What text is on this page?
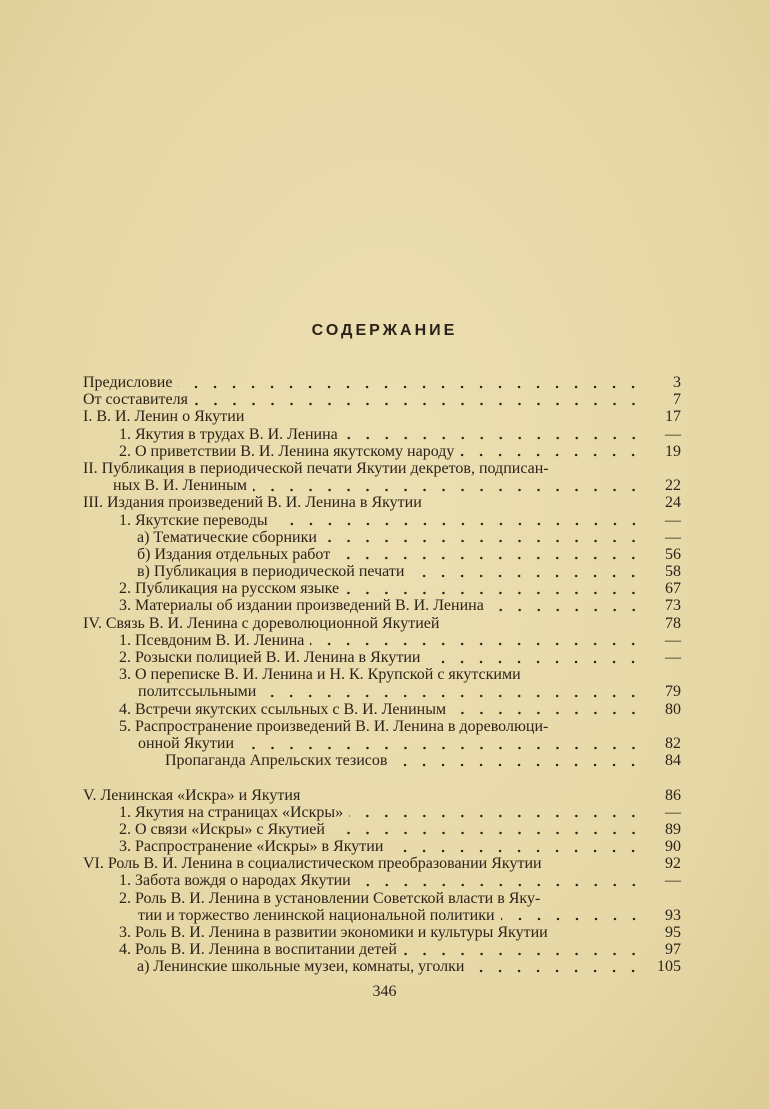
СОДЕРЖАНИЕ
Предисловие	3
От составителя	7
I. В. И. Ленин о Якутии	17
1. Якутия в трудах В. И. Ленина	—
2. О приветствии В. И. Ленина якутскому народу	19
II. Публикация в периодической печати Якутии декретов, подписан-
ных В. И. Лениным	22
III. Издания произведений В. И. Ленина в Якутии	24
1. Якутские переводы	—
а) Тематические сборники	—
б) Издания отдельных работ	56
в) Публикация в периодической печати	58
2. Публикация на русском языке	67
3. Материалы об издании произведений В. И. Ленина	73
IV. Связь В. И. Ленина с дореволюционной Якутией	78
1. Псевдоним В. И. Ленина	—
2. Розыски полицией В. И. Ленина в Якутии	—
3. О переписке В. И. Ленина и Н. К. Крупской с якутскими
политссыльными	79
4. Встречи якутских ссыльных с В. И. Лениным	80
5. Распространение произведений В. И. Ленина в дореволюци-
онной Якутии	82
Пропаганда Апрельских тезисов	84
V. Ленинская «Искра» и Якутия	86
1. Якутия на страницах «Искры»	—
2. О связи «Искры» с Якутией	89
3. Распространение «Искры» в Якутии	90
VI. Роль В. И. Ленина в социалистическом преобразовании Якутии	92
1. Забота вождя о народах Якутии	—
2. Роль В. И. Ленина в установлении Советской власти в Яку-
тии и торжество ленинской национальной политики	93
3. Роль В. И. Ленина в развитии экономики и культуры Якутии	95
4. Роль В. И. Ленина в воспитании детей	97
а) Ленинские школьные музеи, комнаты, уголки	105
346
